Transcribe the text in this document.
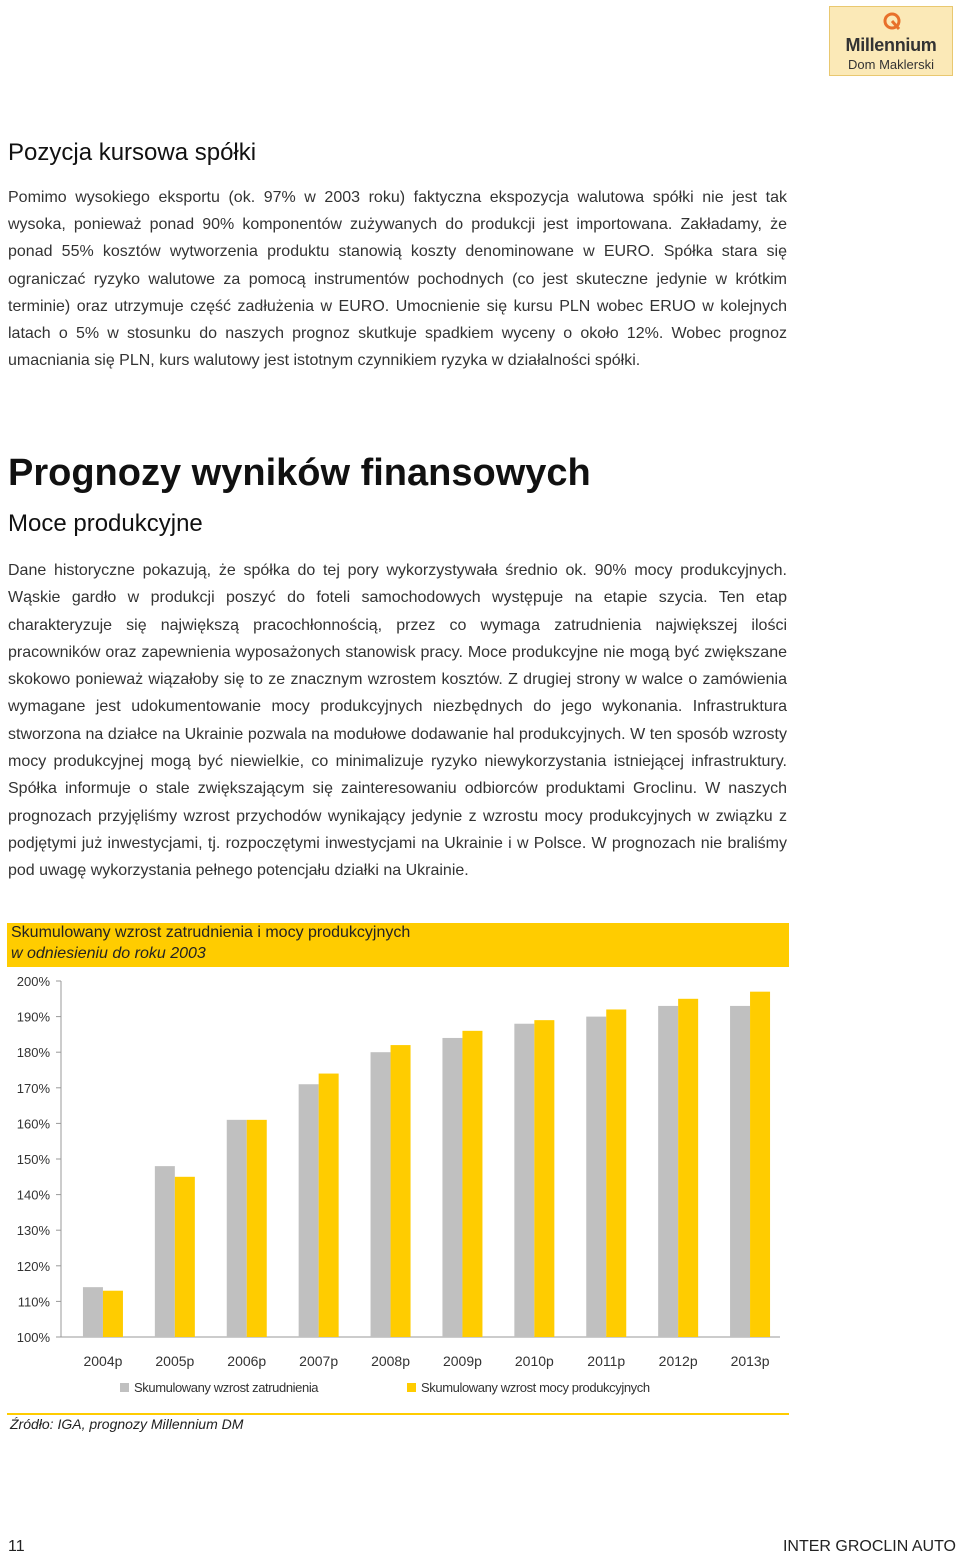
Millennium
Dom Maklerski
Pozycja kursowa spółki

Pomimo wysokiego eksportu (ok. 97% w 2003 roku) faktyczna ekspozycja walutowa spółki nie jest tak wysoka, ponieważ ponad 90% komponentów zużywanych do produkcji jest importowana. Zakładamy, że ponad 55% kosztów wytworzenia produktu stanowią koszty denominowane w EURO. Spółka stara się ograniczać ryzyko walutowe za pomocą instrumentów pochodnych (co jest skuteczne jedynie w krótkim terminie) oraz utrzymuje część zadłużenia w EURO. Umocnienie się kursu PLN wobec ERUO w kolejnych latach o 5% w stosunku do naszych prognoz skutkuje spadkiem wyceny o około 12%. Wobec prognoz umacniania się PLN, kurs walutowy jest istotnym czynnikiem ryzyka w działalności spółki.

Prognozy wyników finansowych
Moce produkcyjne

Dane historyczne pokazują, że spółka do tej pory wykorzystywała średnio ok. 90% mocy produkcyjnych. Wąskie gardło w produkcji poszyć do foteli samochodowych występuje na etapie szycia. Ten etap charakteryzuje się największą pracochłonnością, przez co wymaga zatrudnienia największej ilości pracowników oraz zapewnienia wyposażonych stanowisk pracy. Moce produkcyjne nie mogą być zwiększane skokowo ponieważ wiązałoby się to ze znacznym wzrostem kosztów. Z drugiej strony w walce o zamówienia wymagane jest udokumentowanie mocy produkcyjnych niezbędnych do jego wykonania. Infrastruktura stworzona na działce na Ukrainie pozwala na modułowe dodawanie hal produkcyjnych. W ten sposób wzrosty mocy produkcyjnej mogą być niewielkie, co minimalizuje ryzyko niewykorzystania istniejącej infrastruktury. Spółka informuje o stale zwiększającym się zainteresowaniu odbiorców produktami Groclinu. W naszych prognozach przyjęliśmy wzrost przychodów wynikający jedynie z wzrostu mocy produkcyjnych w związku z podjętymi już inwestycjami, tj. rozpoczętymi inwestycjami na Ukrainie i w Polsce. W prognozach nie braliśmy pod uwagę wykorzystania pełnego potencjału działki na Ukrainie.

Skumulowany wzrost zatrudnienia i mocy produkcyjnych
w odniesieniu do roku 2003
100%
110%
120%
130%
140%
150%
160%
170%
180%
190%
200%
2004p 2005p 2006p 2007p 2008p 2009p 2010p 2011p 2012p 2013p
Skumulowany wzrost zatrudnienia	Skumulowany wzrost mocy produkcyjnych
Źródło: IGA, prognozy Millennium DM
11	INTER GROCLIN AUTO
